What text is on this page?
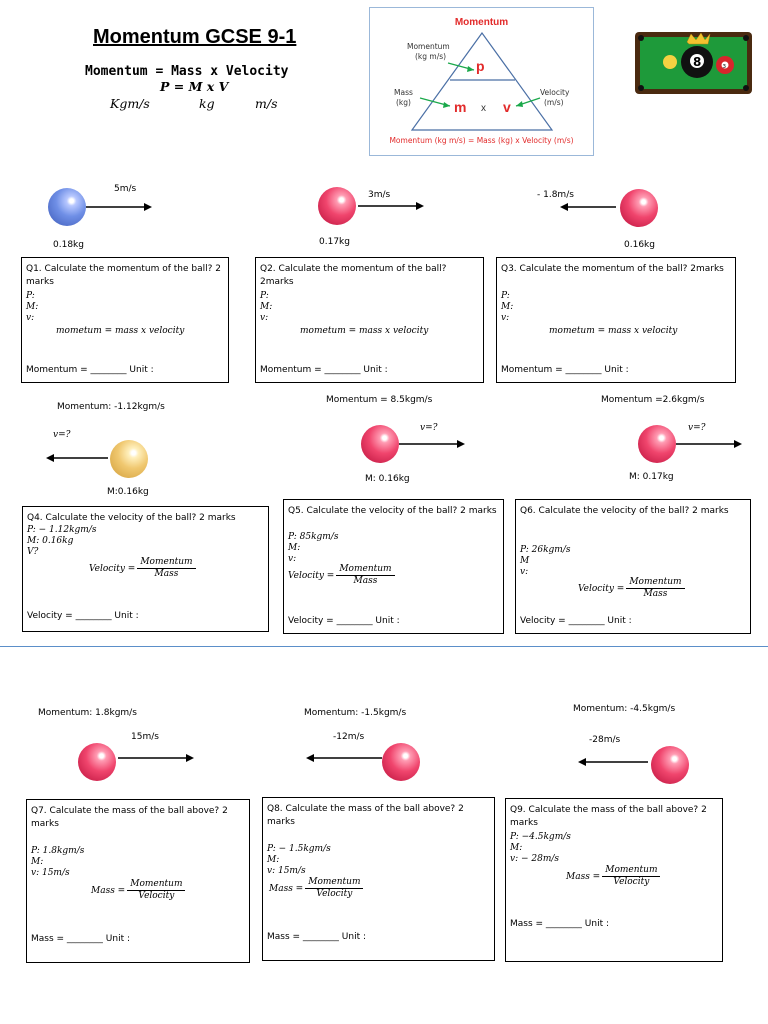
Momentum GCSE 9-1
Momentum = Mass x Velocity
P = M x V
Kgm/s	kg	m/s
Momentum
Momentum
(kg m/s)
Mass
(kg)
Velocity
(m/s)
p
m x v
Momentum (kg m/s) = Mass (kg) x Velocity (m/s)
3
8
5m/s
0.18kg
3m/s
0.17kg
- 1.8m/s
0.16kg
Q1. Calculate the momentum of the ball? 2 marks
P:
M:
v:
mometum = mass x velocity
Momentum = ________ Unit :
Q2. Calculate the momentum of the ball? 2marks
P:
M:
v:
mometum = mass x velocity
Momentum = ________ Unit :
Q3. Calculate the momentum of the ball? 2marks
P:
M:
v:
mometum = mass x velocity
Momentum = ________ Unit :
Momentum: -1.12kgm/s
v=?
M:0.16kg
Momentum = 8.5kgm/s
v=?
M: 0.16kg
Momentum =2.6kgm/s
v=?
M: 0.17kg
Q4. Calculate the velocity of the ball? 2 marks
P: − 1.12kgm/s
M: 0.16kg
V?
Velocity = $\frac{\text{Momentum}}{\text{Mass}}$
Velocity = ________ Unit :
Q5. Calculate the velocity of the ball? 2 marks
P: 85kgm/s
M:
v:
Velocity = $\frac{\text{Momentum}}{\text{Mass}}$
Velocity = ________ Unit :
Q6. Calculate the velocity of the ball? 2 marks
P: 26kgm/s
M
v:
Velocity = $\frac{\text{Momentum}}{\text{Mass}}$
Velocity = ________ Unit :
Momentum: 1.8kgm/s
15m/s
Momentum: -1.5kgm/s
-12m/s
Momentum: -4.5kgm/s
-28m/s
Q7. Calculate the mass of the ball above? 2 marks
P: 1.8kgm/s
M:
v: 15m/s
Mass = $\frac{\text{Momentum}}{\text{Velocity}}$
Mass = ________ Unit :
Q8. Calculate the mass of the ball above? 2 marks
P: − 1.5kgm/s
M:
v: 15m/s
Mass = $\frac{\text{Momentum}}{\text{Velocity}}$
Mass = ________ Unit :
Q9. Calculate the mass of the ball above? 2 marks
P: −4.5kgm/s
M:
v: − 28m/s
Mass = $\frac{\text{Momentum}}{\text{Velocity}}$
Mass = ________ Unit :
